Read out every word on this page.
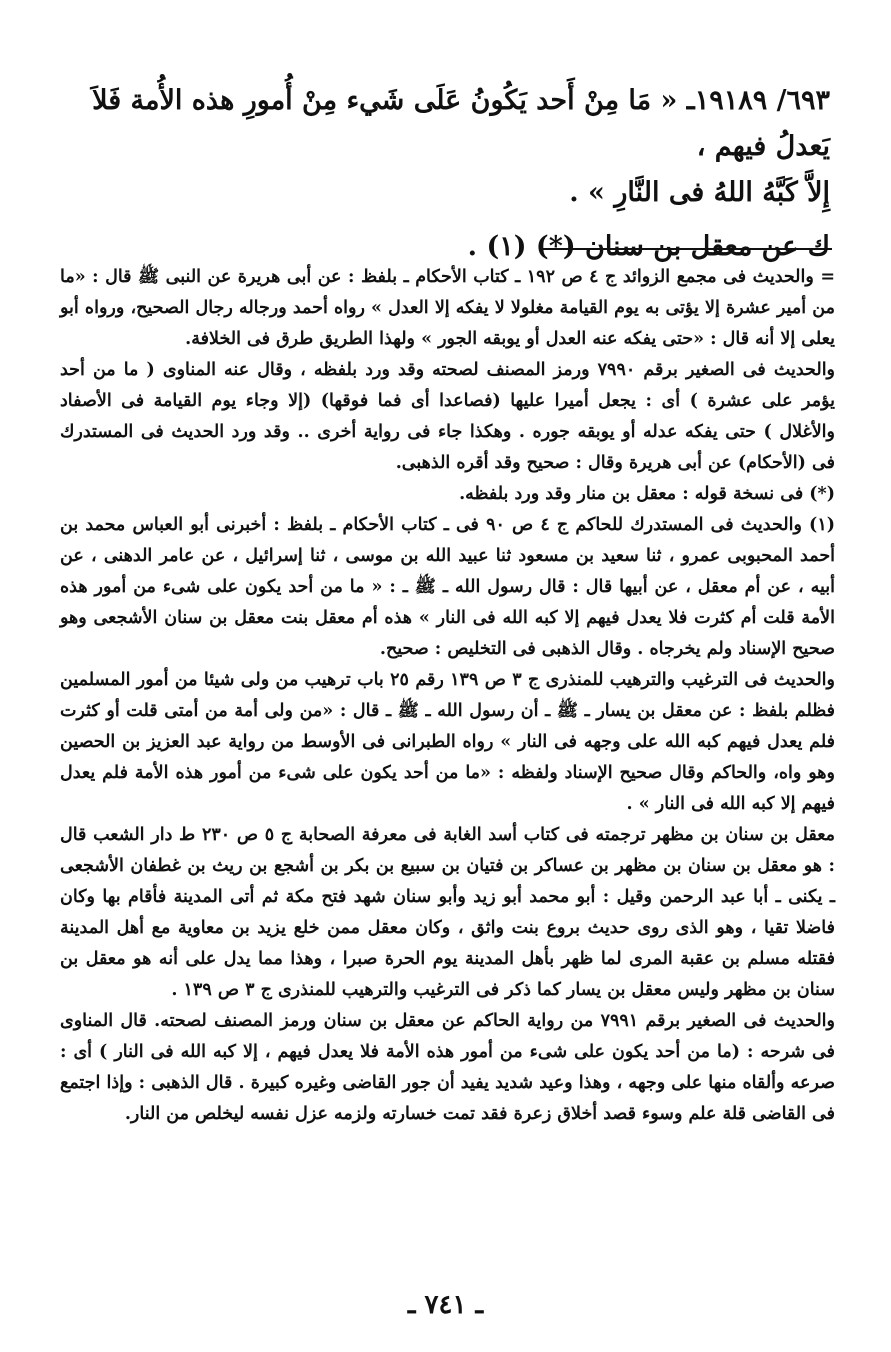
٦٩٣/ ١٩١٨٩ـ « مَا مِنْ أَحد يَكُونُ عَلَى شَيء مِنْ أُمورِ هذه الأُمة فَلاَ يَعدلُ فيهم ،

إِلاَّ كَبَّهُ اللهُ فى النَّارِ » .

ك عن معقل بن سنان (*) (١) .

= والحديث فى مجمع الزوائد ج ٤ ص ١٩٢ ـ كتاب الأحكام ـ بلفظ : عن أبى هريرة عن النبى ﷺ قال : «ما من أمير عشرة إلا يؤتى به يوم القيامة مغلولا لا يفكه إلا العدل » رواه أحمد ورجاله رجال الصحيح، ورواه أبو يعلى إلا أنه قال : «حتى يفكه عنه العدل أو يوبقه الجور » ولهذا الطريق طرق فى الخلافة.

والحديث فى الصغير برقم ٧٩٩٠ ورمز المصنف لصحته وقد ورد بلفظه ، وقال عنه المناوى ( ما من أحد يؤمر على عشرة ) أى : يجعل أميرا عليها (فصاعدا أى فما فوقها) (إلا وجاء يوم القيامة فى الأصفاد والأغلال ) حتى يفكه عدله أو يوبقه جوره . وهكذا جاء فى رواية أخرى .. وقد ورد الحديث فى المستدرك فى (الأحكام) عن أبى هريرة وقال : صحيح وقد أقره الذهبى.

(*) فى نسخة قوله : معقل بن منار وقد ورد بلفظه.

(١) والحديث فى المستدرك للحاكم ج ٤ ص ٩٠ فى ـ كتاب الأحكام ـ بلفظ : أخبرنى أبو العباس محمد بن أحمد المحبوبى عمرو ، ثنا سعيد بن مسعود ثنا عبيد الله بن موسى ، ثنا إسرائيل ، عن عامر الدهنى ، عن أبيه ، عن أم معقل ، عن أبيها قال : قال رسول الله ـ ﷺ ـ : « ما من أحد يكون على شىء من أمور هذه الأمة قلت أم كثرت فلا يعدل فيهم إلا كبه الله فى النار » هذه أم معقل بنت معقل بن سنان الأشجعى وهو صحيح الإسناد ولم يخرجاه . وقال الذهبى فى التخليص : صحيح.

والحديث فى الترغيب والترهيب للمنذرى ج ٣ ص ١٣٩ رقم ٢٥ باب ترهيب من ولى شيئا من أمور المسلمين فظلم بلفظ : عن معقل بن يسار ـ ﷺ ـ أن رسول الله ـ ﷺ ـ قال : «من ولى أمة من أمتى قلت أو كثرت فلم يعدل فيهم كبه الله على وجهه فى النار » رواه الطبرانى فى الأوسط من رواية عبد العزيز بن الحصين وهو واه، والحاكم وقال صحيح الإسناد ولفظه : «ما من أحد يكون على شىء من أمور هذه الأمة فلم يعدل فيهم إلا كبه الله فى النار » .

معقل بن سنان بن مظهر ترجمته فى كتاب أسد الغابة فى معرفة الصحابة ج ٥ ص ٢٣٠ ط دار الشعب قال : هو معقل بن سنان بن مظهر بن عساكر بن فتيان بن سبيع بن بكر بن أشجع بن ريث بن غطفان الأشجعى ـ يكنى ـ أبا عبد الرحمن وقيل : أبو محمد أبو زيد وأبو سنان شهد فتح مكة ثم أتى المدينة فأقام بها وكان فاضلا تقيا ، وهو الذى روى حديث بروع بنت واثق ، وكان معقل ممن خلع يزيد بن معاوية مع أهل المدينة فقتله مسلم بن عقبة المرى لما ظهر بأهل المدينة يوم الحرة صبرا ، وهذا مما يدل على أنه هو معقل بن سنان بن مظهر وليس معقل بن يسار كما ذكر فى الترغيب والترهيب للمنذرى ج ٣ ص ١٣٩ .

والحديث فى الصغير برقم ٧٩٩١ من رواية الحاكم عن معقل بن سنان ورمز المصنف لصحته. قال المناوى فى شرحه : (ما من أحد يكون على شىء من أمور هذه الأمة فلا يعدل فيهم ، إلا كبه الله فى النار ) أى : صرعه وألقاه منها على وجهه ، وهذا وعيد شديد يفيد أن جور القاضى وغيره كبيرة . قال الذهبى : وإذا اجتمع فى القاضى قلة علم وسوء قصد أخلاق زعرة فقد تمت خسارته ولزمه عزل نفسه ليخلص من النار.

ـ ٧٤١ ـ
